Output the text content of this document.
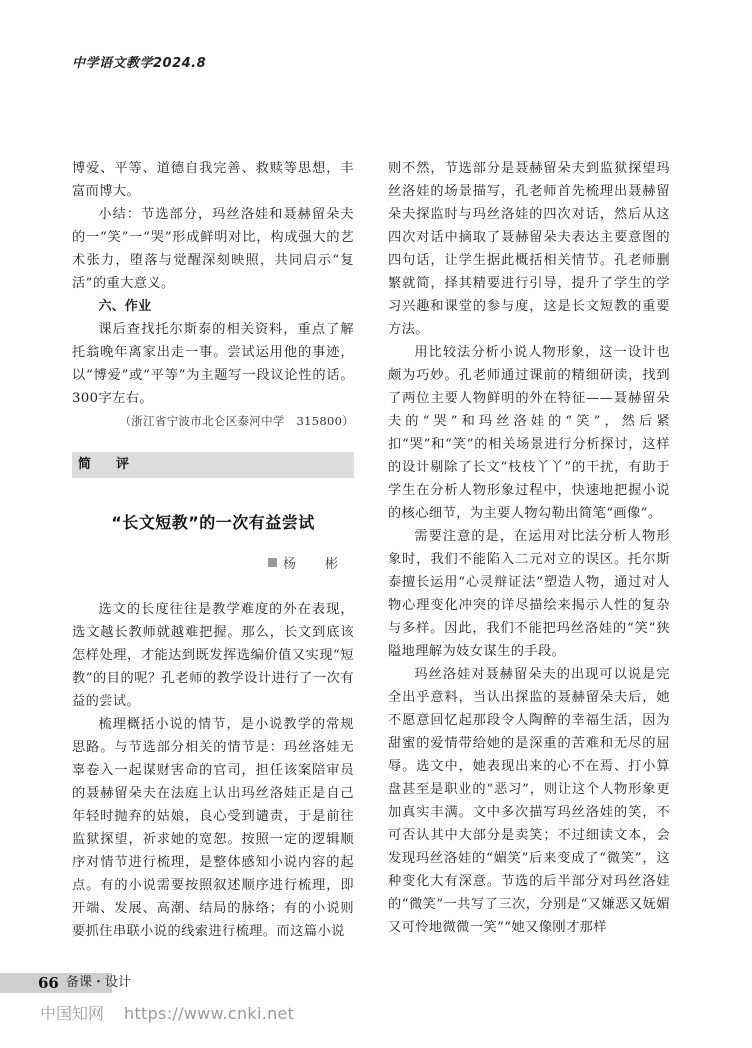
中学语文教学2024.8

博爱、平等、道德自我完善、救赎等思想，丰富而博大。

小结：节选部分，玛丝洛娃和聂赫留朵夫的一“笑”一“哭”形成鲜明对比，构成强大的艺术张力，堕落与觉醒深刻映照，共同启示“复活”的重大意义。

六、作业

课后查找托尔斯泰的相关资料，重点了解托翁晚年离家出走一事。尝试运用他的事迹，以“博爱”或“平等”为主题写一段议论性的话。300字左右。

（浙江省宁波市北仑区泰河中学　315800）

简　评
“长文短教”的一次有益尝试
杨　彬

选文的长度往往是教学难度的外在表现，选文越长教师就越难把握。那么，长文到底该怎样处理，才能达到既发挥选编价值又实现“短教”的目的呢？孔老师的教学设计进行了一次有益的尝试。

梳理概括小说的情节，是小说教学的常规思路。与节选部分相关的情节是：玛丝洛娃无辜卷入一起谋财害命的官司，担任该案陪审员的聂赫留朵夫在法庭上认出玛丝洛娃正是自己年轻时抛弃的姑娘，良心受到谴责，于是前往监狱探望，祈求她的宽恕。按照一定的逻辑顺序对情节进行梳理，是整体感知小说内容的起点。有的小说需要按照叙述顺序进行梳理，即开端、发展、高潮、结局的脉络；有的小说则要抓住串联小说的线索进行梳理。而这篇小说

则不然，节选部分是聂赫留朵夫到监狱探望玛丝洛娃的场景描写，孔老师首先梳理出聂赫留朵夫探监时与玛丝洛娃的四次对话，然后从这四次对话中摘取了聂赫留朵夫表达主要意图的四句话，让学生据此概括相关情节。孔老师删繁就简，择其精要进行引导，提升了学生的学习兴趣和课堂的参与度，这是长文短教的重要方法。

用比较法分析小说人物形象，这一设计也颇为巧妙。孔老师通过课前的精细研读，找到了两位主要人物鲜明的外在特征——聂赫留朵夫的“哭”和玛丝洛娃的“笑”，然后紧扣“哭”和“笑”的相关场景进行分析探讨，这样的设计剔除了长文“枝枝丫丫”的干扰，有助于学生在分析人物形象过程中，快速地把握小说的核心细节，为主要人物勾勒出简笔“画像”。

需要注意的是，在运用对比法分析人物形象时，我们不能陷入二元对立的误区。托尔斯泰擅长运用“心灵辩证法”塑造人物，通过对人物心理变化冲突的详尽描绘来揭示人性的复杂与多样。因此，我们不能把玛丝洛娃的“笑”狭隘地理解为妓女谋生的手段。

玛丝洛娃对聂赫留朵夫的出现可以说是完全出乎意料，当认出探监的聂赫留朵夫后，她不愿意回忆起那段令人陶醉的幸福生活，因为甜蜜的爱情带给她的是深重的苦难和无尽的屈辱。选文中，她表现出来的心不在焉、打小算盘甚至是职业的“恶习”，则让这个人物形象更加真实丰满。文中多次描写玛丝洛娃的笑，不可否认其中大部分是卖笑；不过细读文本，会发现玛丝洛娃的“媚笑”后来变成了“微笑”，这种变化大有深意。节选的后半部分对玛丝洛娃的“微笑”一共写了三次，分别是“又嫌恶又妩媚又可怜地微微一笑”“她又像刚才那样

66 备课・设计
中国知网 https://www.cnki.net
